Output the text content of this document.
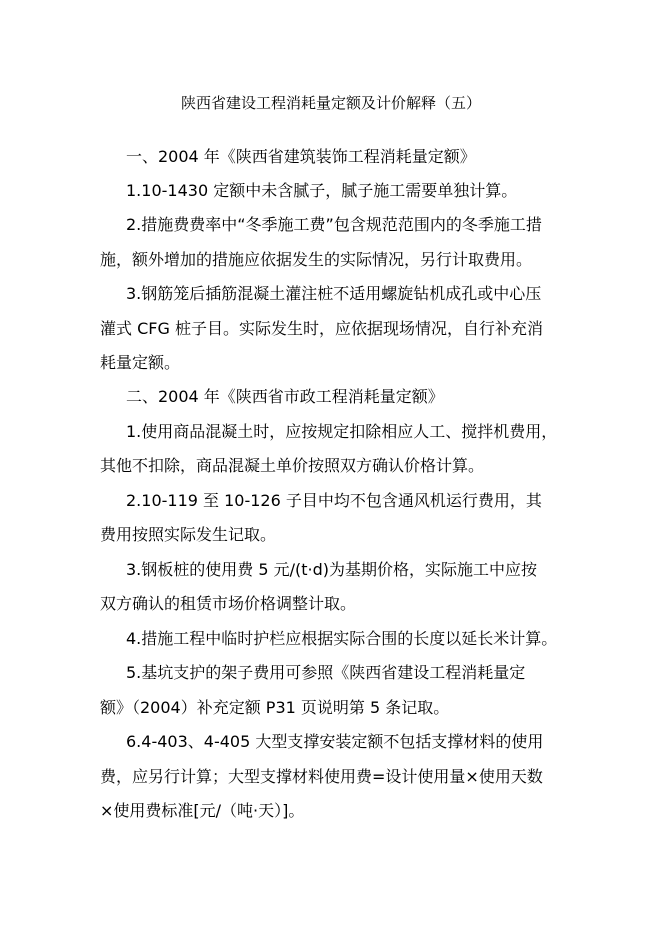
陕西省建设工程消耗量定额及计价解释（五）
一、2004 年《陕西省建筑装饰工程消耗量定额》
1.10-1430 定额中未含腻子，腻子施工需要单独计算。
2.措施费费率中“冬季施工费”包含规范范围内的冬季施工措
施，额外增加的措施应依据发生的实际情况，另行计取费用。
3.钢筋笼后插筋混凝土灌注桩不适用螺旋钻机成孔或中心压
灌式 CFG 桩子目。实际发生时，应依据现场情况，自行补充消
耗量定额。
二、2004 年《陕西省市政工程消耗量定额》
1.使用商品混凝土时，应按规定扣除相应人工、搅拌机费用，
其他不扣除，商品混凝土单价按照双方确认价格计算。
2.10-119 至 10-126 子目中均不包含通风机运行费用，其
费用按照实际发生记取。
3.钢板桩的使用费 5 元/(t·d)为基期价格，实际施工中应按
双方确认的租赁市场价格调整计取。
4.措施工程中临时护栏应根据实际合围的长度以延长米计算。
5.基坑支护的架子费用可参照《陕西省建设工程消耗量定
额》（2004）补充定额 P31 页说明第 5 条记取。
6.4-403、4-405 大型支撑安装定额不包括支撑材料的使用
费，应另行计算；大型支撑材料使用费=设计使用量×使用天数
×使用费标准[元/（吨·天）]。
